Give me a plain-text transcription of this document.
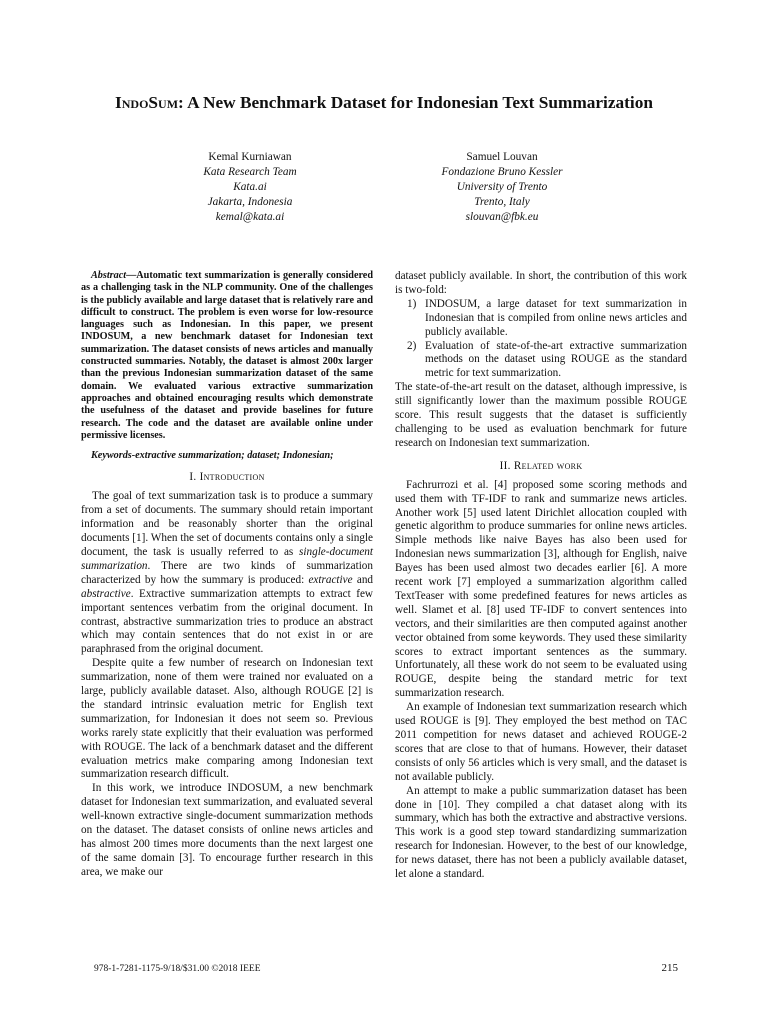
IndoSum: A New Benchmark Dataset for Indonesian Text Summarization
Kemal Kurniawan
Kata Research Team
Kata.ai
Jakarta, Indonesia
kemal@kata.ai
Samuel Louvan
Fondazione Bruno Kessler
University of Trento
Trento, Italy
slouvan@fbk.eu

Abstract—Automatic text summarization is generally considered as a challenging task in the NLP community. One of the challenges is the publicly available and large dataset that is relatively rare and difficult to construct. The problem is even worse for low-resource languages such as Indonesian. In this paper, we present INDOSUM, a new benchmark dataset for Indonesian text summarization. The dataset consists of news articles and manually constructed summaries. Notably, the dataset is almost 200x larger than the previous Indonesian summarization dataset of the same domain. We evaluated various extractive summarization approaches and obtained encouraging results which demonstrate the usefulness of the dataset and provide baselines for future research. The code and the dataset are available online under permissive licenses.

Keywords-extractive summarization; dataset; Indonesian;

I. Introduction

The goal of text summarization task is to produce a summary from a set of documents. The summary should retain important information and be reasonably shorter than the original documents [1]. When the set of documents contains only a single document, the task is usually referred to as single-document summarization. There are two kinds of summarization characterized by how the summary is produced: extractive and abstractive. Extractive summarization attempts to extract few important sentences verbatim from the original document. In contrast, abstractive summarization tries to produce an abstract which may contain sentences that do not exist in or are paraphrased from the original document.

Despite quite a few number of research on Indonesian text summarization, none of them were trained nor evaluated on a large, publicly available dataset. Also, although ROUGE [2] is the standard intrinsic evaluation metric for English text summarization, for Indonesian it does not seem so. Previous works rarely state explicitly that their evaluation was performed with ROUGE. The lack of a benchmark dataset and the different evaluation metrics make comparing among Indonesian text summarization research difficult.

In this work, we introduce INDOSUM, a new benchmark dataset for Indonesian text summarization, and evaluated several well-known extractive single-document summarization methods on the dataset. The dataset consists of online news articles and has almost 200 times more documents than the next largest one of the same domain [3]. To encourage further research in this area, we make our

dataset publicly available. In short, the contribution of this work is two-fold:

1) INDOSUM, a large dataset for text summarization in Indonesian that is compiled from online news articles and publicly available.
2) Evaluation of state-of-the-art extractive summarization methods on the dataset using ROUGE as the standard metric for text summarization.

The state-of-the-art result on the dataset, although impressive, is still significantly lower than the maximum possible ROUGE score. This result suggests that the dataset is sufficiently challenging to be used as evaluation benchmark for future research on Indonesian text summarization.

II. Related work

Fachrurrozi et al. [4] proposed some scoring methods and used them with TF-IDF to rank and summarize news articles. Another work [5] used latent Dirichlet allocation coupled with genetic algorithm to produce summaries for online news articles. Simple methods like naive Bayes has also been used for Indonesian news summarization [3], although for English, naive Bayes has been used almost two decades earlier [6]. A more recent work [7] employed a summarization algorithm called TextTeaser with some predefined features for news articles as well. Slamet et al. [8] used TF-IDF to convert sentences into vectors, and their similarities are then computed against another vector obtained from some keywords. They used these similarity scores to extract important sentences as the summary. Unfortunately, all these work do not seem to be evaluated using ROUGE, despite being the standard metric for text summarization research.

An example of Indonesian text summarization research which used ROUGE is [9]. They employed the best method on TAC 2011 competition for news dataset and achieved ROUGE-2 scores that are close to that of humans. However, their dataset consists of only 56 articles which is very small, and the dataset is not available publicly.

An attempt to make a public summarization dataset has been done in [10]. They compiled a chat dataset along with its summary, which has both the extractive and abstractive versions. This work is a good step toward standardizing summarization research for Indonesian. However, to the best of our knowledge, for news dataset, there has not been a publicly available dataset, let alone a standard.

978-1-7281-1175-9/18/$31.00 ©2018 IEEE	215
